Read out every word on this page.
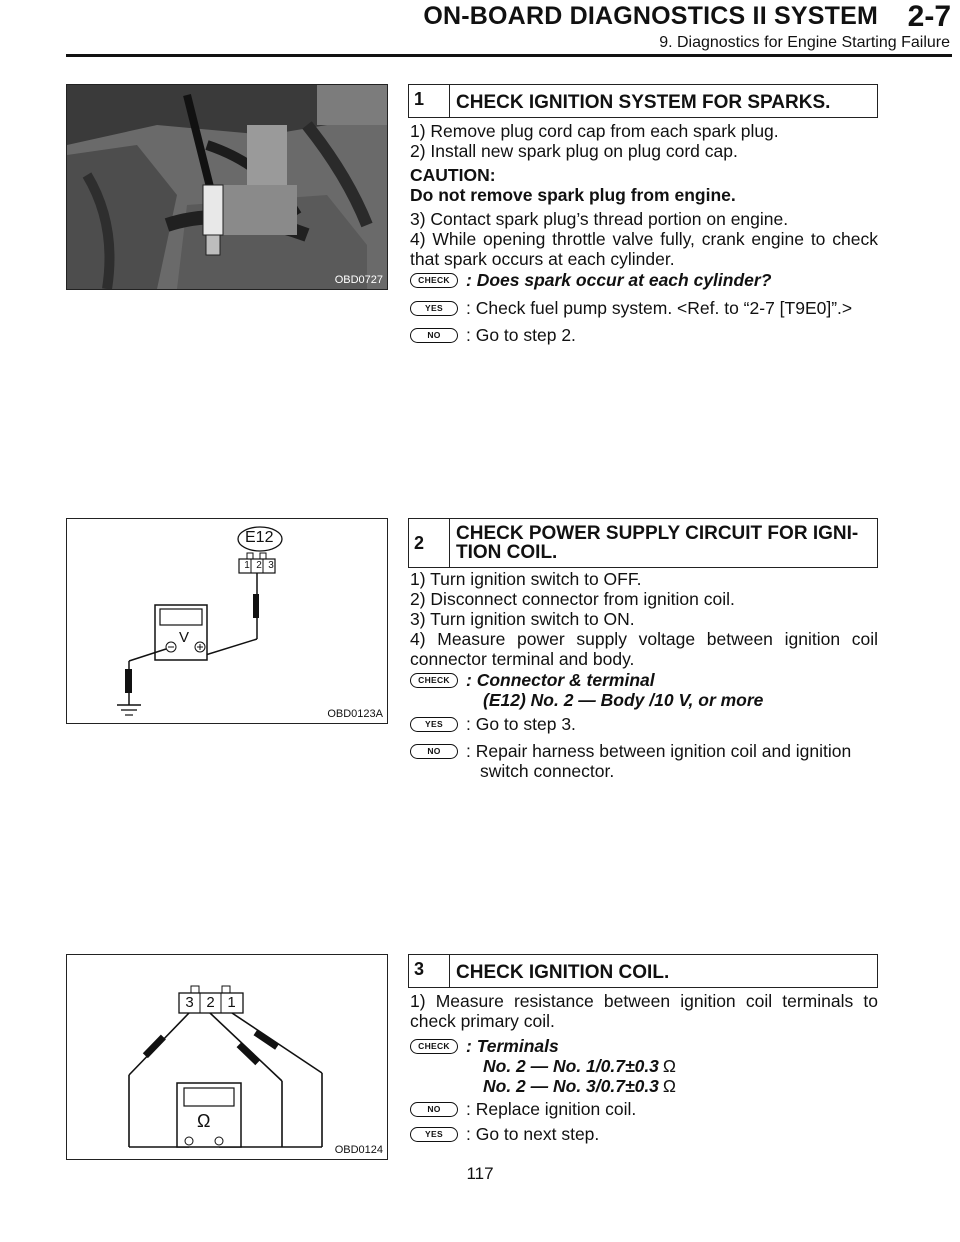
ON-BOARD DIAGNOSTICS II SYSTEM 2-7
9. Diagnostics for Engine Starting Failure
OBD0727
1 CHECK IGNITION SYSTEM FOR SPARKS.

1) Remove plug cord cap from each spark plug.

2) Install new spark plug on plug cord cap.

CAUTION:

Do not remove spark plug from engine.

3) Contact spark plug’s thread portion on engine.

4) While opening throttle valve fully, crank engine to check that spark occurs at each cylinder.

CHECK : Does spark occur at each cylinder?
YES	: Check fuel pump system. <Ref. to “2-7 [T9E0]”.>
NO	: Go to step 2.
E12
1 2 3
V
OBD0123A
2 CHECK POWER SUPPLY CIRCUIT FOR IGNI- TION COIL.

1) Turn ignition switch to OFF.

2) Disconnect connector from ignition coil.

3) Turn ignition switch to ON.

4) Measure power supply voltage between ignition coil connector terminal and body.

CHECK : Connector & terminal
(E12) No. 2 — Body /10 V, or more
YES	: Go to step 3.
NO	: Repair harness between ignition coil and ignition switch connector.
3 2 1
Ω
OBD0124
3 CHECK IGNITION COIL.

1) Measure resistance between ignition coil terminals to check primary coil.

CHECK : Terminals
No. 2 — No. 1/0.7±0.3 Ω
No. 2 — No. 3/0.7±0.3 Ω
NO	: Replace ignition coil.
YES	: Go to next step.
117
